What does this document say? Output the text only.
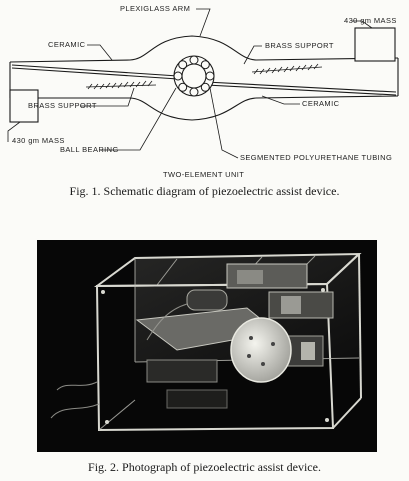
PLEXIGLASS ARM
430 gm MASS
CERAMIC	BRASS SUPPORT
BRASS SUPPORT	CERAMIC
430 gm MASS
BALL BEARING
SEGMENTED POLYURETHANE TUBING
TWO-ELEMENT UNIT
Fig. 1. Schematic diagram of piezoelectric assist device.
Fig. 2. Photograph of piezoelectric assist device.
